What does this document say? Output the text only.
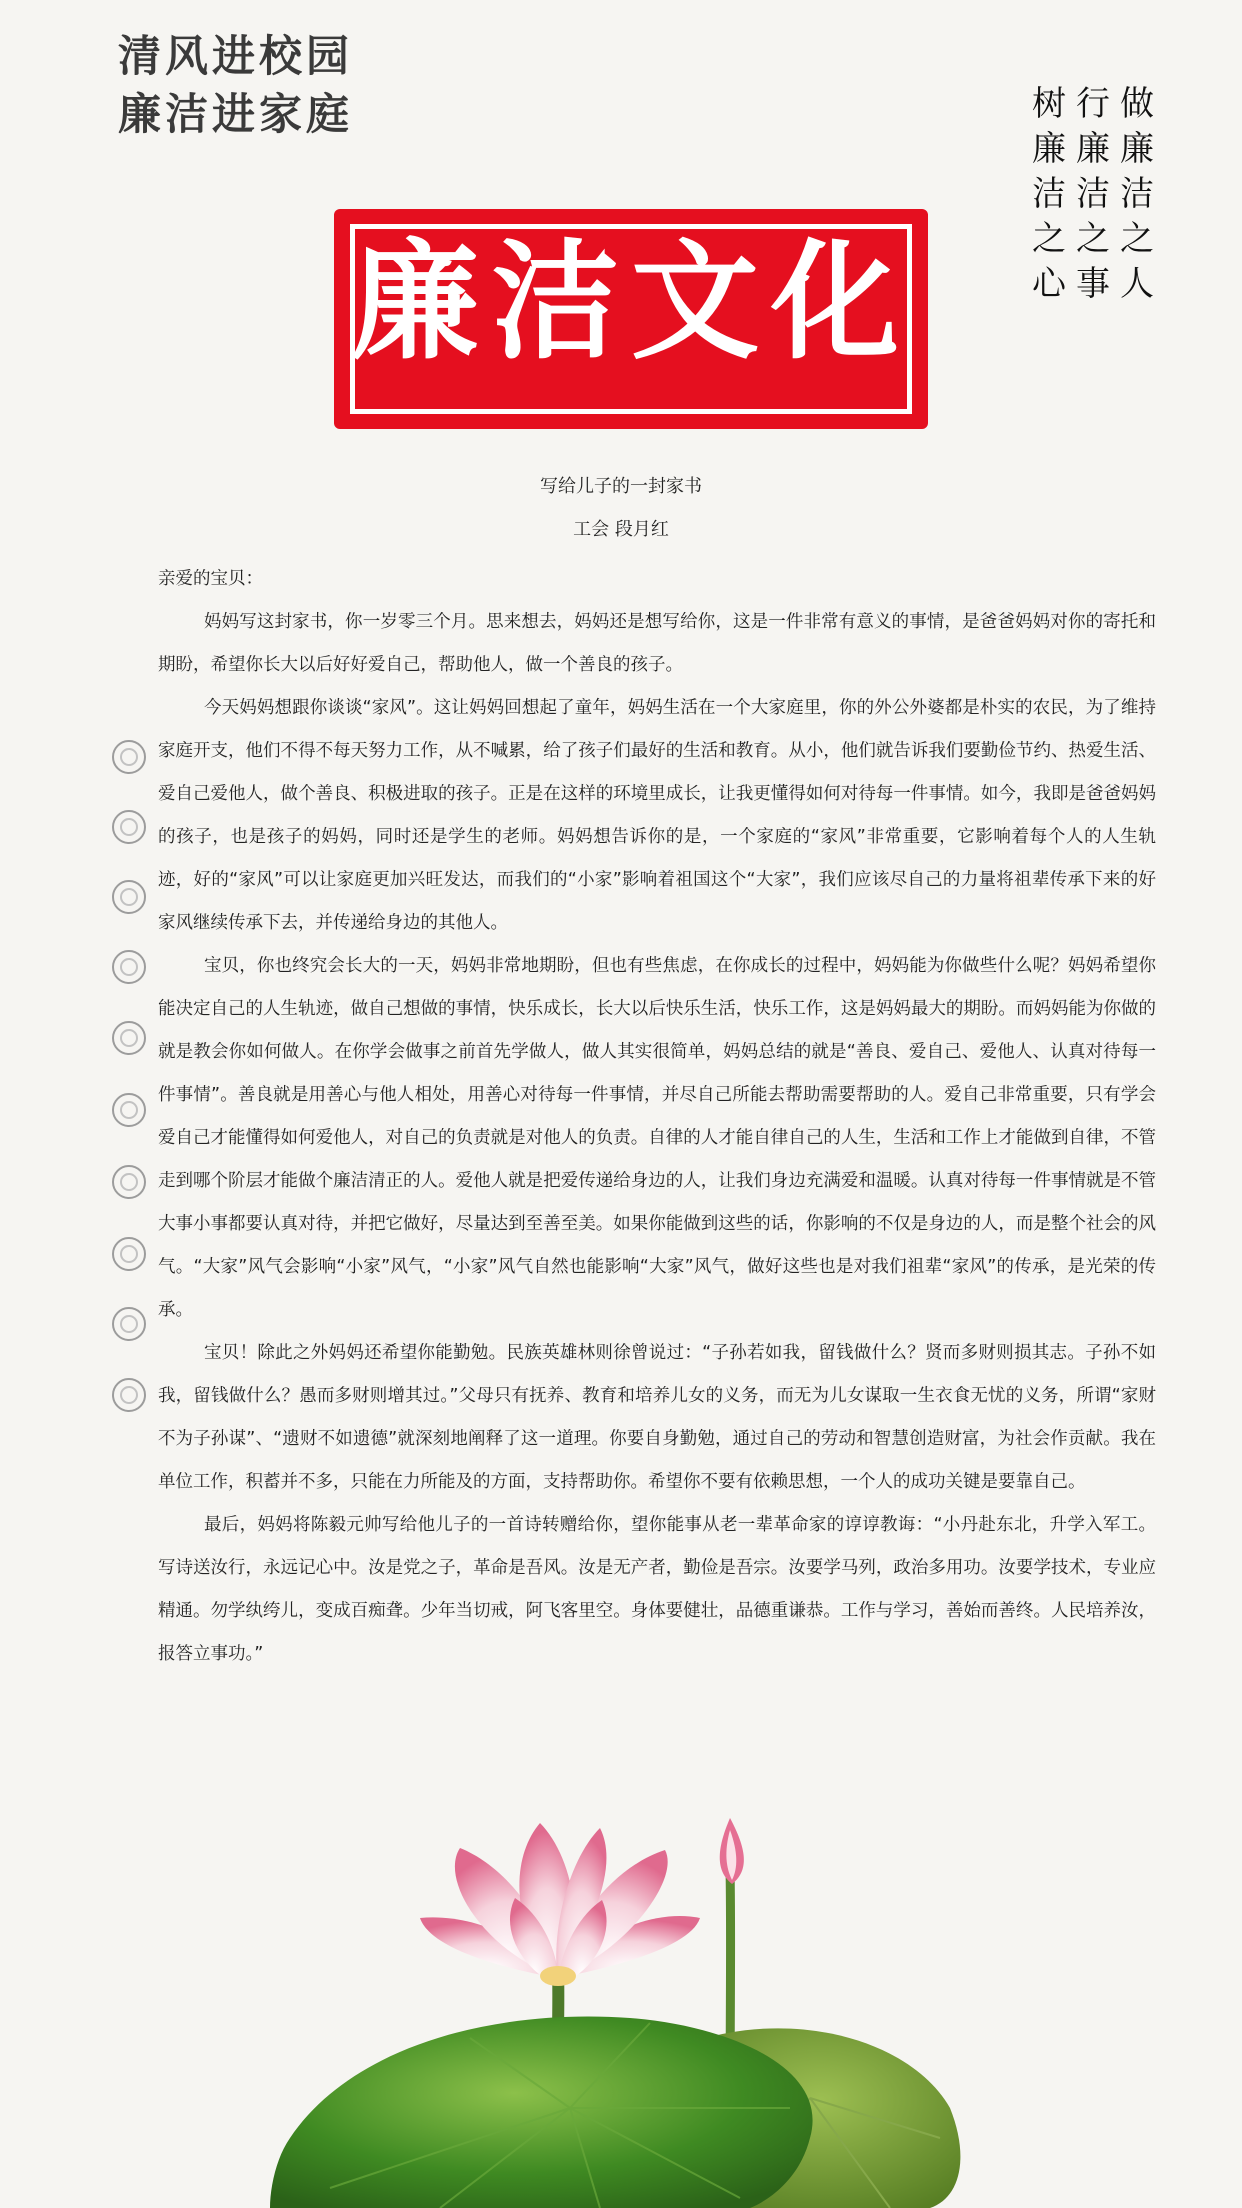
清风进校园
廉洁进家庭	做
廉
洁
之
人
行
廉
洁
之
事
树
廉
洁
之
心
廉洁文化
写给儿子的一封家书
工会 段月红

亲爱的宝贝：

妈妈写这封家书，你一岁零三个月。思来想去，妈妈还是想写给你，这是一件非常有意义的事情，是爸爸妈妈对你的寄托和期盼，希望你长大以后好好爱自己，帮助他人，做一个善良的孩子。

今天妈妈想跟你谈谈“家风”。这让妈妈回想起了童年，妈妈生活在一个大家庭里，你的外公外婆都是朴实的农民，为了维持家庭开支，他们不得不每天努力工作，从不喊累，给了孩子们最好的生活和教育。从小，他们就告诉我们要勤俭节约、热爱生活、爱自己爱他人，做个善良、积极进取的孩子。正是在这样的环境里成长，让我更懂得如何对待每一件事情。如今，我即是爸爸妈妈的孩子，也是孩子的妈妈，同时还是学生的老师。妈妈想告诉你的是，一个家庭的“家风”非常重要，它影响着每个人的人生轨迹，好的“家风”可以让家庭更加兴旺发达，而我们的“小家”影响着祖国这个“大家”，我们应该尽自己的力量将祖辈传承下来的好家风继续传承下去，并传递给身边的其他人。

宝贝，你也终究会长大的一天，妈妈非常地期盼，但也有些焦虑，在你成长的过程中，妈妈能为你做些什么呢？妈妈希望你能决定自己的人生轨迹，做自己想做的事情，快乐成长，长大以后快乐生活，快乐工作，这是妈妈最大的期盼。而妈妈能为你做的就是教会你如何做人。在你学会做事之前首先学做人，做人其实很简单，妈妈总结的就是“善良、爱自己、爱他人、认真对待每一件事情”。善良就是用善心与他人相处，用善心对待每一件事情，并尽自己所能去帮助需要帮助的人。爱自己非常重要，只有学会爱自己才能懂得如何爱他人，对自己的负责就是对他人的负责。自律的人才能自律自己的人生，生活和工作上才能做到自律，不管走到哪个阶层才能做个廉洁清正的人。爱他人就是把爱传递给身边的人，让我们身边充满爱和温暖。认真对待每一件事情就是不管大事小事都要认真对待，并把它做好，尽量达到至善至美。如果你能做到这些的话，你影响的不仅是身边的人，而是整个社会的风气。“大家”风气会影响“小家”风气，“小家”风气自然也能影响“大家”风气，做好这些也是对我们祖辈“家风”的传承，是光荣的传承。

宝贝！除此之外妈妈还希望你能勤勉。民族英雄林则徐曾说过：“子孙若如我，留钱做什么？贤而多财则损其志。子孙不如我，留钱做什么？愚而多财则增其过。”父母只有抚养、教育和培养儿女的义务，而无为儿女谋取一生衣食无忧的义务，所谓“家财不为子孙谋”、“遗财不如遗德”就深刻地阐释了这一道理。你要自身勤勉，通过自己的劳动和智慧创造财富，为社会作贡献。我在单位工作，积蓄并不多，只能在力所能及的方面，支持帮助你。希望你不要有依赖思想，一个人的成功关键是要靠自己。

最后，妈妈将陈毅元帅写给他儿子的一首诗转赠给你，望你能事从老一辈革命家的谆谆教诲：“小丹赴东北，升学入军工。写诗送汝行，永远记心中。汝是党之子，革命是吾风。汝是无产者，勤俭是吾宗。汝要学马列，政治多用功。汝要学技术，专业应精通。勿学纨绔儿，变成百痴聋。少年当切戒，阿飞客里空。身体要健壮，品德重谦恭。工作与学习，善始而善终。人民培养汝，报答立事功。”
